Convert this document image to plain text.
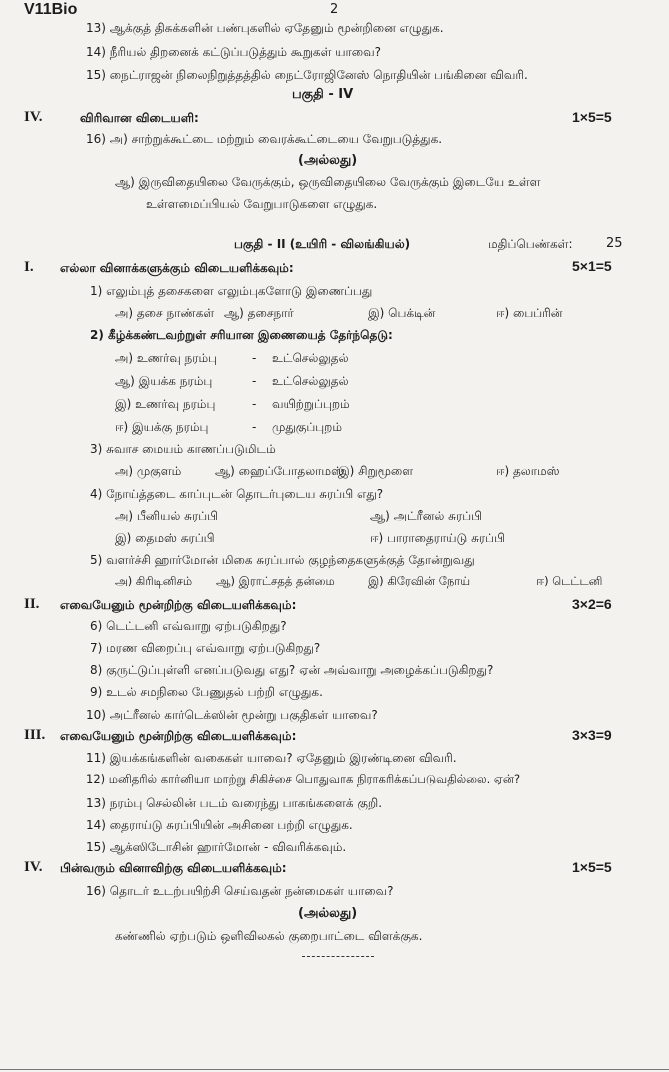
V11Bio	2
13) ஆக்குத் திசுக்களின் பண்புகளில் ஏதேனும் மூன்றினை எழுதுக.
14) நீரியல் திறனைக் கட்டுப்படுத்தும் கூறுகள் யாவை?
15) நைட்ராஜன் நிலைநிறுத்தத்தில் நைட்ரோஜினேஸ் நொதியின் பங்கினை விவரி.
பகுதி - IV
IV.	விரிவான விடையளி:	1×5=5
16) அ) சாற்றுக்கூட்டை மற்றும் வைரக்கூட்டையை வேறுபடுத்துக.
(அல்லது)
ஆ) இருவிதையிலை வேருக்கும், ஒருவிதையிலை வேருக்கும் இடையே உள்ள
உள்ளமைப்பியல் வேறுபாடுகளை எழுதுக.
பகுதி - II (உயிரி - விலங்கியல்)	மதிப்பெண்கள்:	25
I. எல்லா வினாக்களுக்கும் விடையளிக்கவும்:	5×1=5
1) எலும்புத் தசைகளை எலும்புகளோடு இணைப்பது
அ) தசை நாண்கள் ஆ) தசைநார்	இ) பெக்டின்	ஈ) பைப்ரின்
2) கீழ்க்கண்டவற்றுள் சரியான இணையைத் தேர்ந்தெடு:
அ) உணர்வு நரம்பு	- உட்செல்லுதல்
ஆ) இயக்க நரம்பு	- உட்செல்லுதல்
இ) உணர்வு நரம்பு	- வயிற்றுப்புறம்
ஈ) இயக்கு நரம்பு	- முதுகுப்புறம்
3) சுவாச மையம் காணப்படுமிடம்
அ) முகுளம்	ஆ) ஹைப்போதலாமஸ்
இ) சிறுமூளை	ஈ) தலாமஸ்
4) நோய்த்தடை காப்புடன் தொடர்புடைய சுரப்பி எது?
அ) பீனியல் சுரப்பி	ஆ) அட்ரீனல் சுரப்பி
இ) தைமஸ் சுரப்பி	ஈ) பாராதைராய்டு சுரப்பி
5) வளர்ச்சி ஹார்மோன் மிகை சுரப்பால் குழந்தைகளுக்குத் தோன்றுவது
அ) கிரிடினிசம் ஆ) இராட்சதத் தன்மை	இ) கிரேவின் நோய்	ஈ) டெட்டனி
II. எவையேனும் மூன்றிற்கு விடையளிக்கவும்:	3×2=6
6) டெட்டனி எவ்வாறு ஏற்படுகிறது?
7) மரண விறைப்பு எவ்வாறு ஏற்படுகிறது?
8) குருட்டுப்புள்ளி எனப்படுவது எது? ஏன் அவ்வாறு அழைக்கப்படுகிறது?
9) உடல் சமநிலை பேணுதல் பற்றி எழுதுக.
10) அட்ரீனல் கார்டெக்ஸின் மூன்று பகுதிகள் யாவை?
III. எவையேனும் மூன்றிற்கு விடையளிக்கவும்:	3×3=9
11) இயக்கங்களின் வகைகள் யாவை? ஏதேனும் இரண்டினை விவரி.
12) மனிதரில் கார்னியா மாற்று சிகிச்சை பொதுவாக நிராகரிக்கப்படுவதில்லை. ஏன்?
13) நரம்பு செல்லின் படம் வரைந்து பாகங்களைக் குறி.
14) தைராய்டு சுரப்பியின் அசினை பற்றி எழுதுக.
15) ஆக்ஸிடோசின் ஹார்மோன் - விவரிக்கவும்.
IV. பின்வரும் வினாவிற்கு விடையளிக்கவும்:	1×5=5
16) தொடர் உடற்பயிற்சி செய்வதன் நன்மைகள் யாவை?
(அல்லது)
கண்ணில் ஏற்படும் ஒளிவிலகல் குறைபாட்டை விளக்குக.
